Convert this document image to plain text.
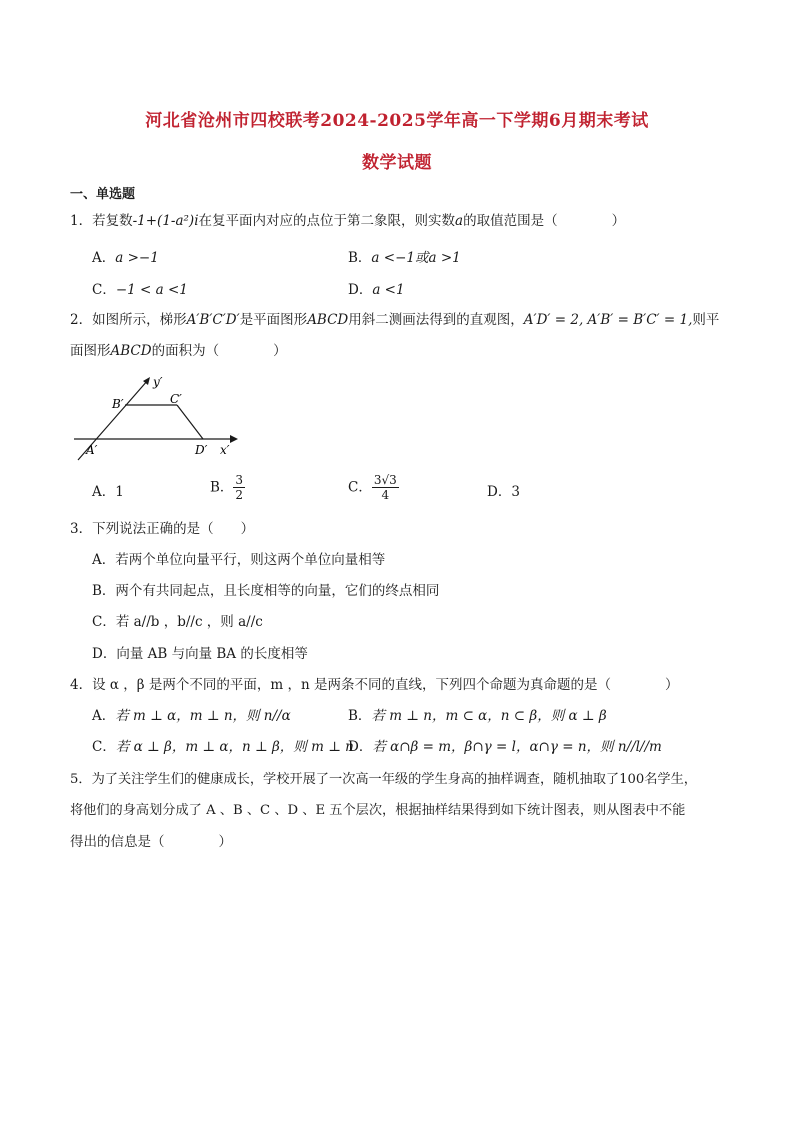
河北省沧州市四校联考2024-2025学年高一下学期6月期末考试
数学试题
一、单选题
1．若复数-1+(1-a²)i在复平面内对应的点位于第二象限，则实数a的取值范围是（　　　　）
A．a >−1	B．a <−1或a >1
C．−1 < a <1	D．a <1
2．如图所示，梯形A′B′C′D′是平面图形ABCD用斜二测画法得到的直观图，A′D′ = 2, A′B′ = B′C′ = 1,则平
面图形ABCD的面积为（　　　　）
y′
B′	C′
A′	D′ x′
A．1	B． $\frac{3}{2}$	C． $\frac{3√3}{4}$	D．3
3．下列说法正确的是（　　）
A．若两个单位向量平行，则这两个单位向量相等
B．两个有共同起点，且长度相等的向量，它们的终点相同
C．若 a//b ，b//c ，则 a//c
D．向量 AB 与向量 BA 的长度相等
4．设 α ，β 是两个不同的平面，m ，n 是两条不同的直线，下列四个命题为真命题的是（　　　　）
A．若 m ⊥ α，m ⊥ n，则 n//α	B．若 m ⊥ n，m ⊂ α，n ⊂ β，则 α ⊥ β
C．若 α ⊥ β，m ⊥ α，n ⊥ β，则 m ⊥ n
D．若 α∩β = m，β∩γ = l，α∩γ = n，则 n//l//m
5．为了关注学生们的健康成长，学校开展了一次高一年级的学生身高的抽样调查，随机抽取了100名学生，
将他们的身高划分成了 A 、B 、C 、D 、E 五个层次，根据抽样结果得到如下统计图表，则从图表中不能
得出的信息是（　　　　）
